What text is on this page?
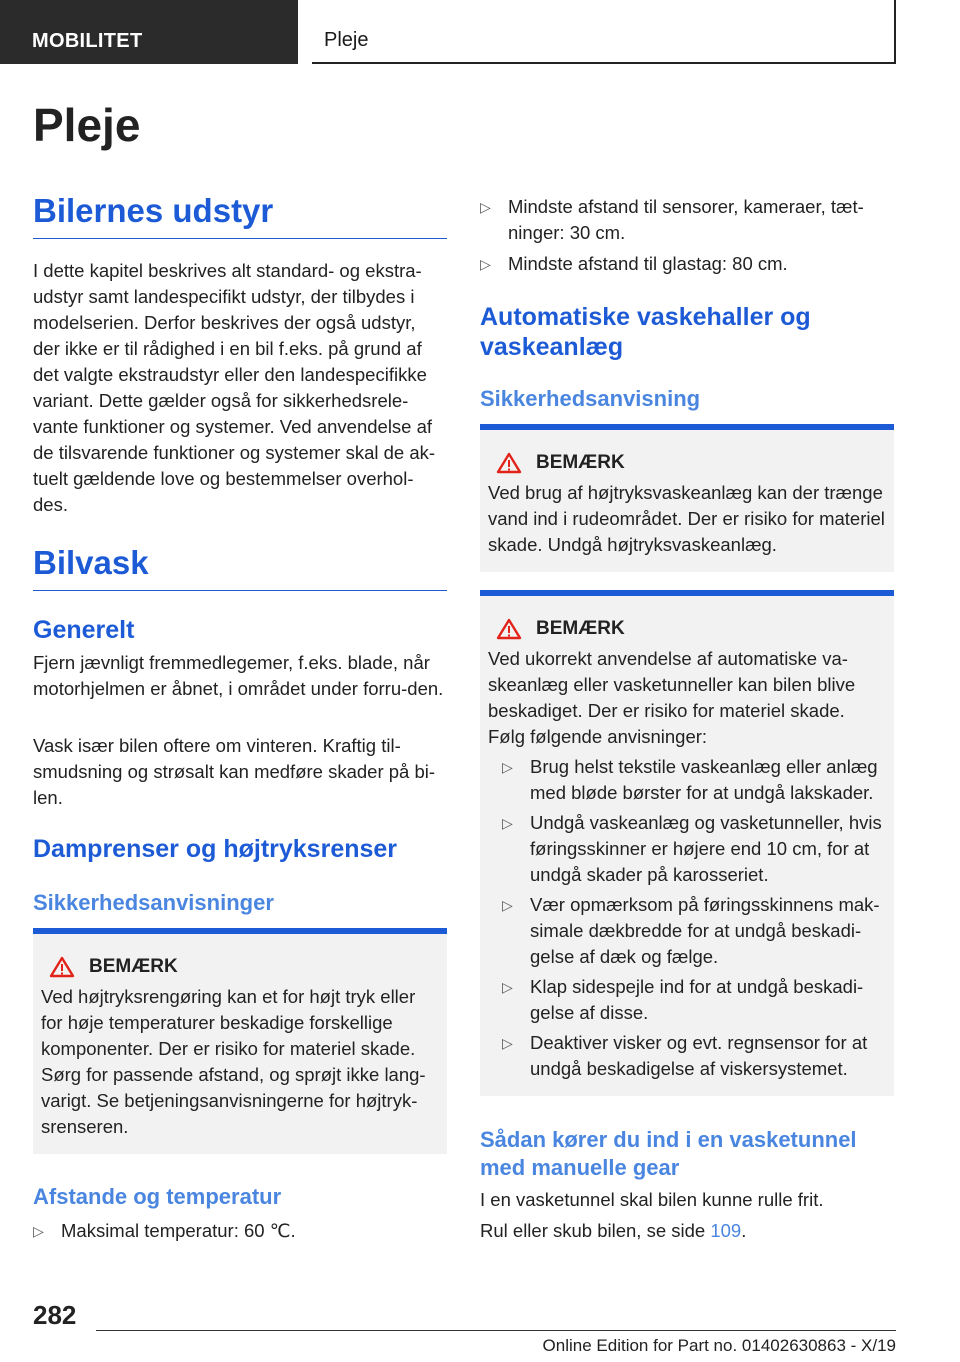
MOBILITET	Pleje
Pleje
Bilernes udstyr

I dette kapitel beskrives alt standard- og ekstra-udstyr samt landespecifikt udstyr, der tilbydes i modelserien. Derfor beskrives der også udstyr, der ikke er til rådighed i en bil f.eks. på grund af det valgte ekstraudstyr eller den landespecifikke variant. Dette gælder også for sikkerhedsrele-vante funktioner og systemer. Ved anvendelse af de tilsvarende funktioner og systemer skal de ak-tuelt gældende love og bestemmelser overhol-des.

Bilvask
Generelt

Fjern jævnligt fremmedlegemer, f.eks. blade, når motorhjelmen er åbnet, i området under forru-den.

Vask især bilen oftere om vinteren. Kraftig til-smudsning og strøsalt kan medføre skader på bi-len.

Damprenser og højtryksrenser
Sikkerhedsanvisninger
BEMÆRK
Ved højtryksrengøring kan et for højt tryk eller for høje temperaturer beskadige forskellige komponenter. Der er risiko for materiel skade. Sørg for passende afstand, og sprøjt ikke lang-varigt. Se betjeningsanvisningerne for højtryk-srenseren.
Afstande og temperatur
▷ Maksimal temperatur: 60 ℃.
▷ Mindste afstand til sensorer, kameraer, tæt-ninger: 30 cm.
▷ Mindste afstand til glastag: 80 cm.
Automatiske vaskehaller og vaskeanlæg
Sikkerhedsanvisning
BEMÆRK
Ved brug af højtryksvaskeanlæg kan der trænge vand ind i rudeområdet. Der er risiko for materiel skade. Undgå højtryksvaskeanlæg.
BEMÆRK
Ved ukorrekt anvendelse af automatiske va-skeanlæg eller vasketunneller kan bilen blive beskadiget. Der er risiko for materiel skade. Følg følgende anvisninger:
▷ Brug helst tekstile vaskeanlæg eller anlæg med bløde børster for at undgå lakskader.
▷ Undgå vaskeanlæg og vasketunneller, hvis føringsskinner er højere end 10 cm, for at undgå skader på karosseriet.
▷ Vær opmærksom på føringsskinnens mak-simale dækbredde for at undgå beskadi-gelse af dæk og fælge.
▷ Klap sidespejle ind for at undgå beskadi-gelse af disse.
▷ Deaktiver visker og evt. regnsensor for at undgå beskadigelse af viskersystemet.
Sådan kører du ind i en vasketunnel med manuelle gear

I en vasketunnel skal bilen kunne rulle frit.

Rul eller skub bilen, se side 109.

282
Online Edition for Part no. 01402630863 - X/19
